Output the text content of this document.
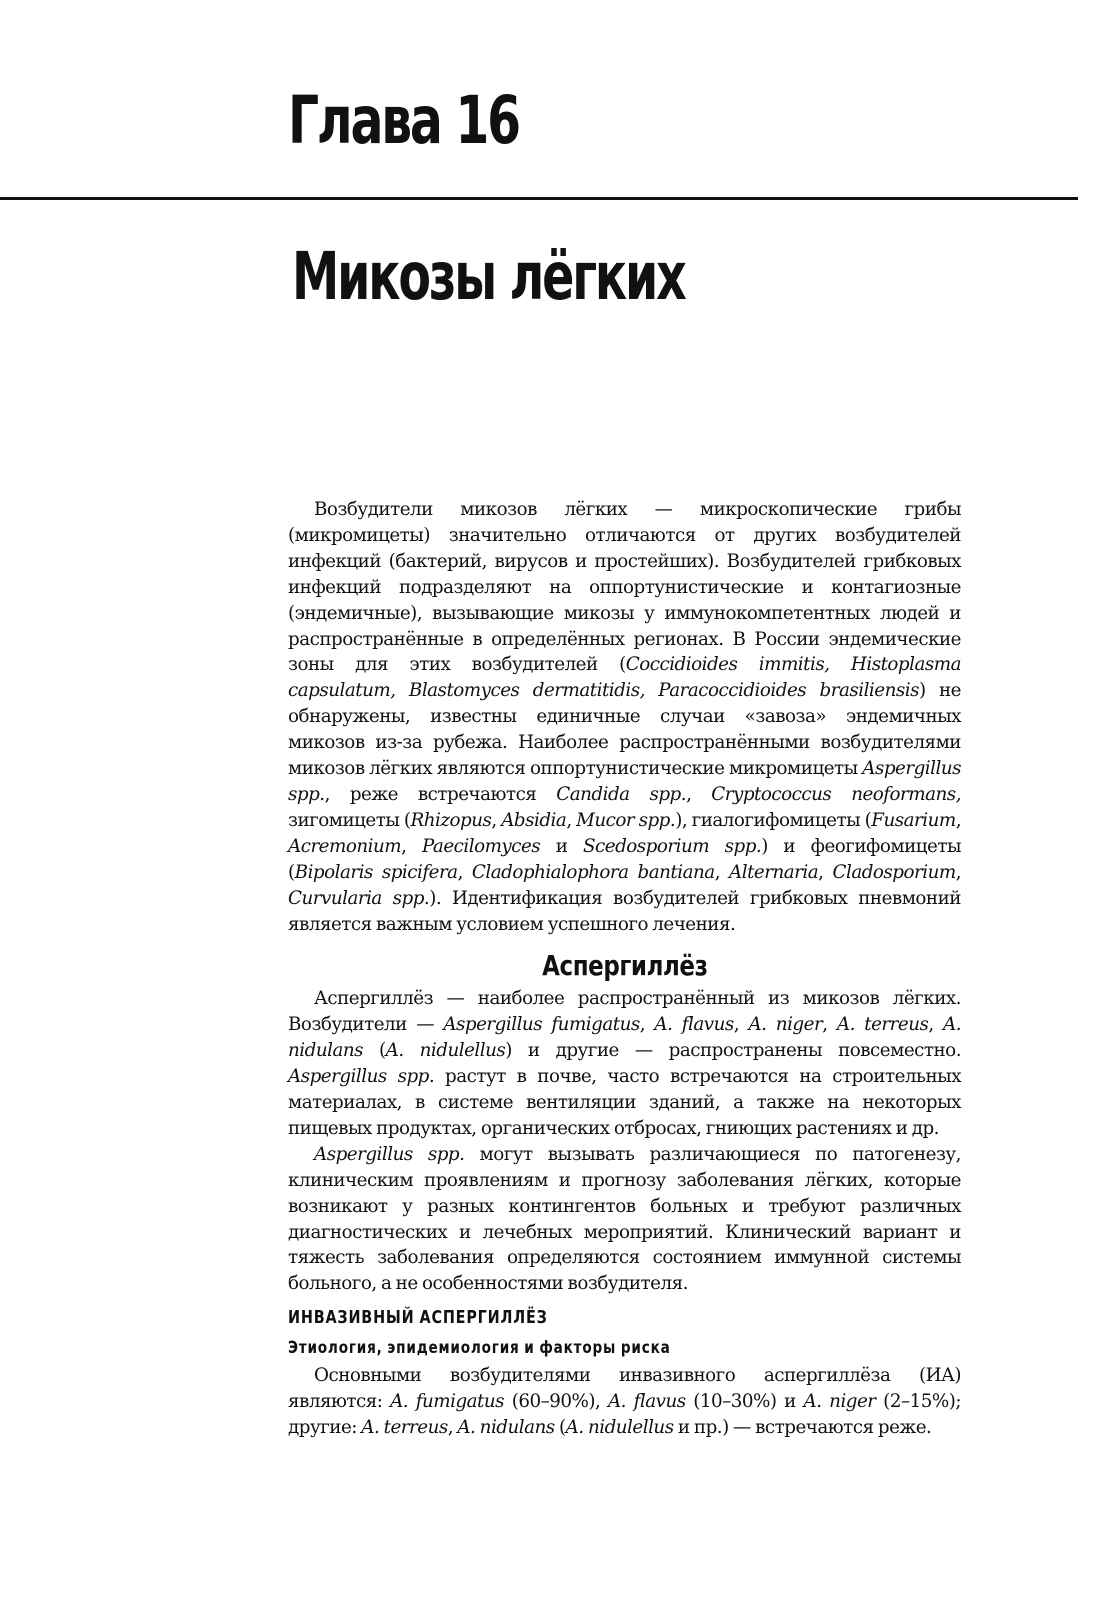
Глава 16
Микозы лёгких

Возбудители микозов лёгких — микроскопические грибы (микромицеты) значительно отличаются от других возбудителей инфекций (бактерий, вирусов и простейших). Возбудителей грибковых инфекций подразделяют на оппортунистические и контагиозные (эндемичные), вызывающие микозы у иммунокомпетентных людей и распространённые в определённых регионах. В России эндемические зоны для этих возбудителей (Coccidioides immitis, Histoplasma capsulatum, Blastomyces dermatitidis, Paracoccidioides brasiliensis) не обнаружены, известны единичные случаи «завоза» эндемичных микозов из-за рубежа. Наиболее распространёнными возбудителями микозов лёгких являются оппортунистические микромицеты Aspergillus spp., реже встречаются Candida spp., Cryptococcus neoformans, зигомицеты (Rhizopus, Absidia, Mucor spp.), гиалогифомицеты (Fusarium, Acremonium, Paecilomyces и Scedosporium spp.) и феогифомицеты (Bipolaris spicifera, Cladophialophora bantiana, Alternaria, Cladosporium, Curvularia spp.). Идентификация возбудителей грибковых пневмоний является важным условием успешного лечения.

Аспергиллёз

Аспергиллёз — наиболее распространённый из микозов лёгких. Возбудители — Aspergillus fumigatus, A. flavus, A. niger, A. terreus, A. nidulans (A. nidulellus) и другие — распространены повсеместно. Aspergillus spp. растут в почве, часто встречаются на строительных материалах, в системе вентиляции зданий, а также на некоторых пищевых продуктах, органических отбросах, гниющих растениях и др.

Aspergillus spp. могут вызывать различающиеся по патогенезу, клиническим проявлениям и прогнозу заболевания лёгких, которые возникают у разных контингентов больных и требуют различных диагностических и лечебных мероприятий. Клинический вариант и тяжесть заболевания определяются состоянием иммунной системы больного, а не особенностями возбудителя.

ИНВАЗИВНЫЙ АСПЕРГИЛЛЁЗ
Этиология, эпидемиология и факторы риска

Основными возбудителями инвазивного аспергиллёза (ИА) являются: A. fumigatus (60–90%), A. flavus (10–30%) и A. niger (2–15%); другие: A. terreus, A. nidulans (A. nidulellus и пр.) — встречаются реже.
